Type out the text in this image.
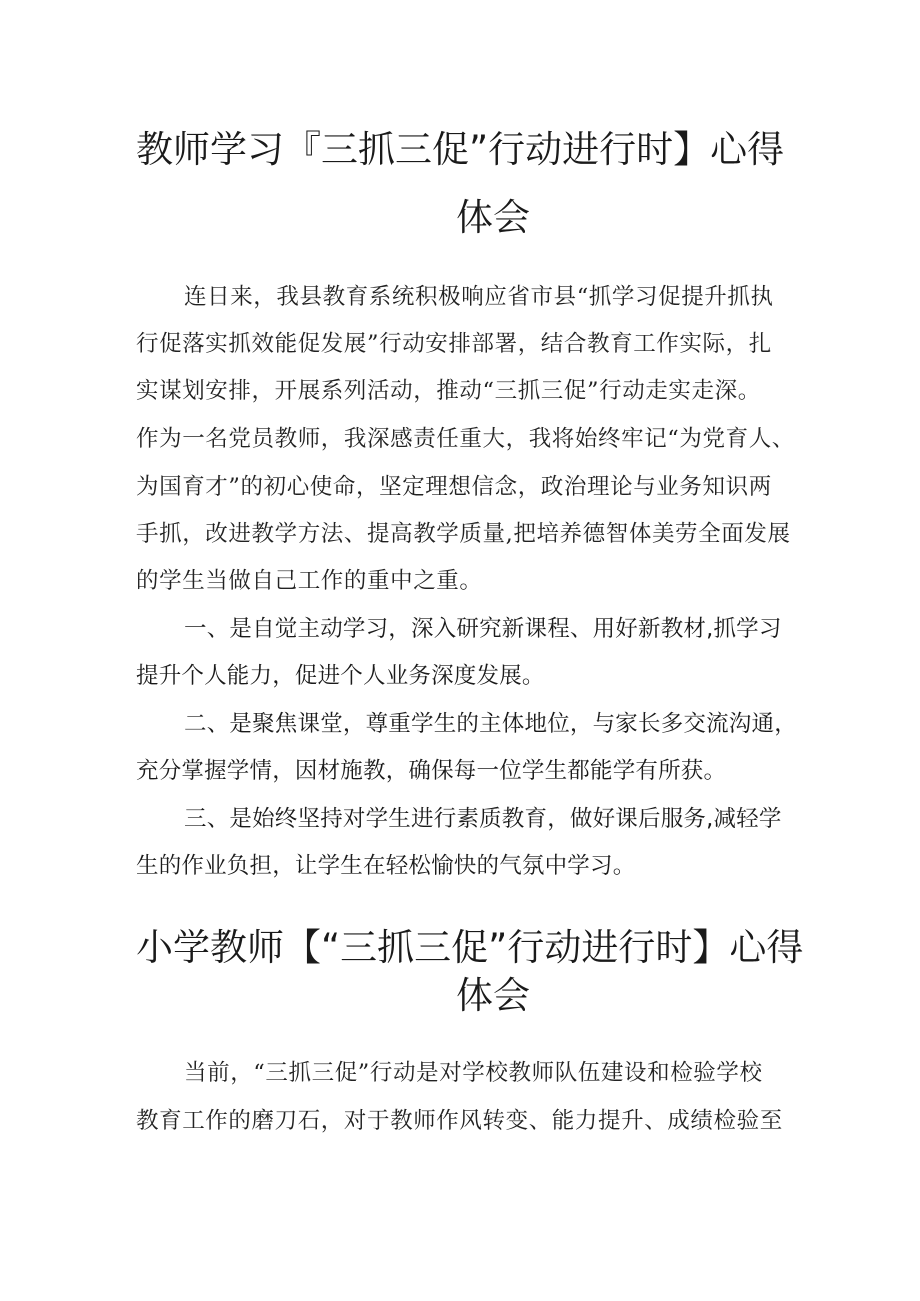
教师学习『三抓三促”行动进行时】心得
体会
连日来，我县教育系统积极响应省市县“抓学习促提升抓执
行促落实抓效能促发展”行动安排部署，结合教育工作实际，扎
实谋划安排，开展系列活动，推动“三抓三促”行动走实走深。
作为一名党员教师，我深感责任重大，我将始终牢记“为党育人、
为国育才”的初心使命，坚定理想信念，政治理论与业务知识两
手抓，改进教学方法、提高教学质量,把培养德智体美劳全面发展
的学生当做自己工作的重中之重。
一、是自觉主动学习，深入研究新课程、用好新教材,抓学习
提升个人能力，促进个人业务深度发展。
二、是聚焦课堂，尊重学生的主体地位，与家长多交流沟通，
充分掌握学情，因材施教，确保每一位学生都能学有所获。
三、是始终坚持对学生进行素质教育，做好课后服务,减轻学
生的作业负担，让学生在轻松愉快的气氛中学习。
小学教师【“三抓三促”行动进行时】心得
体会
当前，“三抓三促”行动是对学校教师队伍建设和检验学校
教育工作的磨刀石，对于教师作风转变、能力提升、成绩检验至
